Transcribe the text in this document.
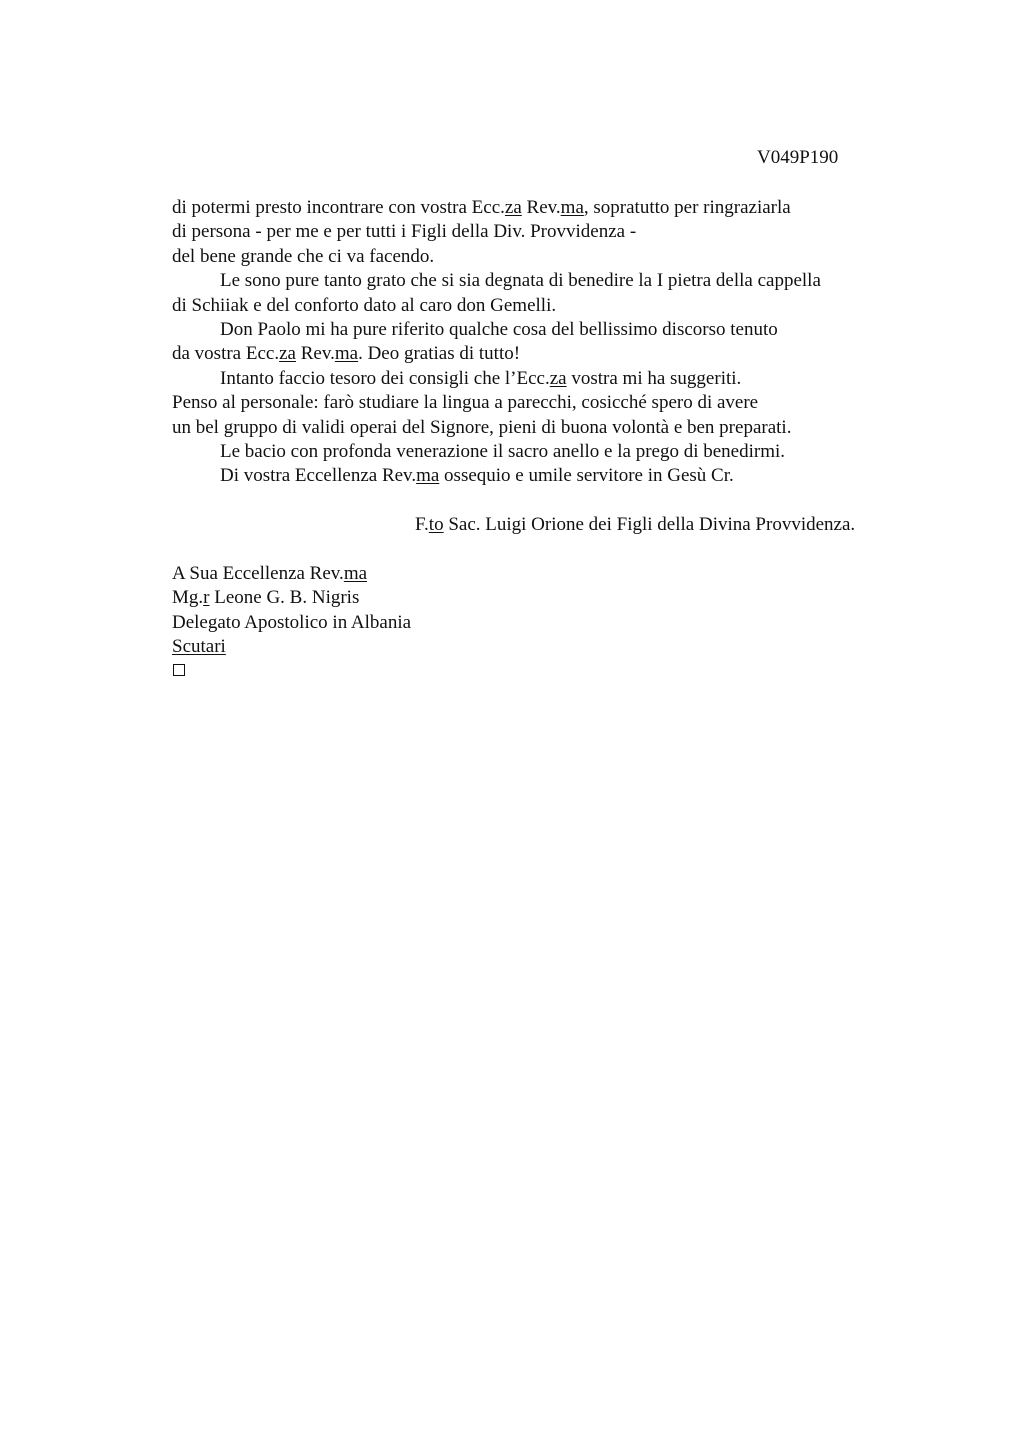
V049P190
di potermi presto incontrare con vostra Ecc.za Rev.ma, sopratutto per ringraziarla
di persona - per me e per tutti i Figli della Div. Provvidenza -
del bene grande che ci va facendo.
Le sono pure tanto grato che si sia degnata di benedire la I pietra della cappella
di Schiiak e del conforto dato al caro don Gemelli.
Don Paolo mi ha pure riferito qualche cosa del bellissimo discorso tenuto
da vostra Ecc.za Rev.ma. Deo gratias di tutto!
Intanto faccio tesoro dei consigli che l’Ecc.za vostra mi ha suggeriti.
Penso al personale: farò studiare la lingua a parecchi, cosicché spero di avere
un bel gruppo di validi operai del Signore, pieni di buona volontà e ben preparati.
Le bacio con profonda venerazione il sacro anello e la prego di benedirmi.
Di vostra Eccellenza Rev.ma ossequio e umile servitore in Gesù Cr.
F.to Sac. Luigi Orione dei Figli della Divina Provvidenza.
A Sua Eccellenza Rev.ma
Mg.r Leone G. B. Nigris
Delegato Apostolico in Albania
Scutari
